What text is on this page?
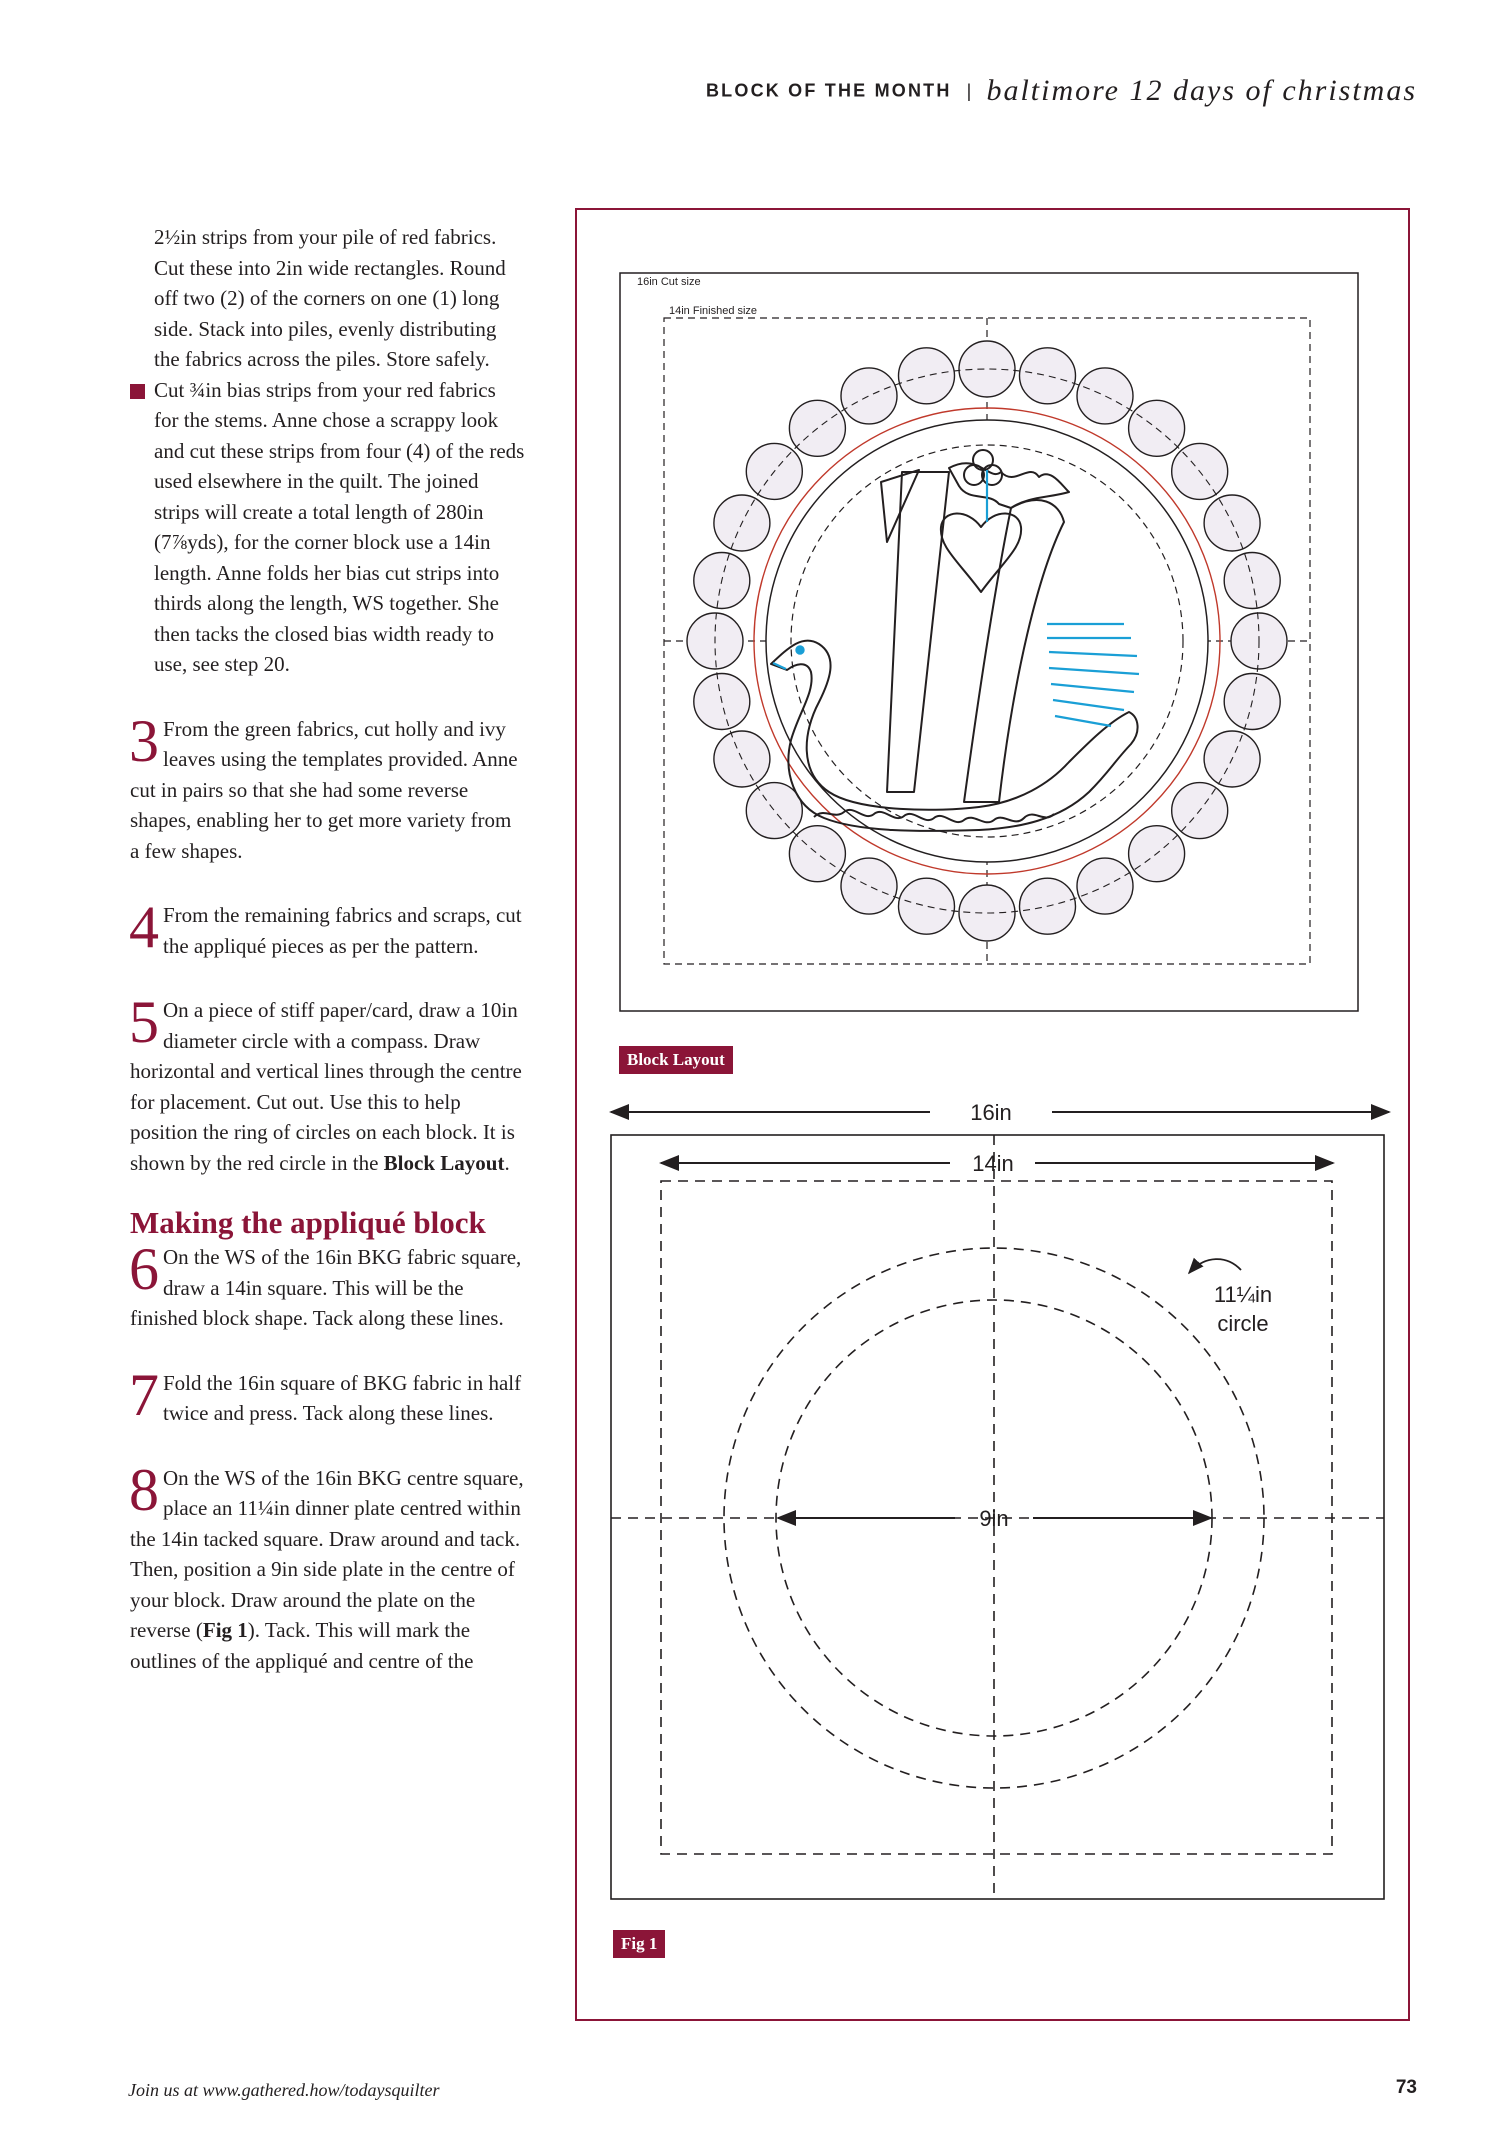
BLOCK OF THE MONTH | baltimore 12 days of christmas

2½in strips from your pile of red fabrics. Cut these into 2in wide rectangles. Round off two (2) of the corners on one (1) long side. Stack into piles, evenly distributing the fabrics across the piles. Store safely.

Cut ¾in bias strips from your red fabrics for the stems. Anne chose a scrappy look and cut these strips from four (4) of the reds used elsewhere in the quilt. The joined strips will create a total length of 280in (7⅞yds), for the corner block use a 14in length. Anne folds her bias cut strips into thirds along the length, WS together. She then tacks the closed bias width ready to use, see step 20.

3 From the green fabrics, cut holly and ivy leaves using the templates provided. Anne cut in pairs so that she had some reverse shapes, enabling her to get more variety from a few shapes.

4 From the remaining fabrics and scraps, cut the appliqué pieces as per the pattern.

5 On a piece of stiff paper/card, draw a 10in diameter circle with a compass. Draw horizontal and vertical lines through the centre for placement. Cut out. Use this to help position the ring of circles on each block. It is shown by the red circle in the Block Layout.

Making the appliqué block

6 On the WS of the 16in BKG fabric square, draw a 14in square. This will be the finished block shape. Tack along these lines.

7 Fold the 16in square of BKG fabric in half twice and press. Tack along these lines.

8 On the WS of the 16in BKG centre square, place an 11¼in dinner plate centred within the 14in tacked square. Draw around and tack. Then, position a 9in side plate in the centre of your block. Draw around the plate on the reverse (Fig 1). Tack. This will mark the outlines of the appliqué and centre of the

16in Cut size
14in Finished size
Block Layout
16in
14in
11¼in
circle
9in
Fig 1
Join us at www.gathered.how/todaysquilter	73
